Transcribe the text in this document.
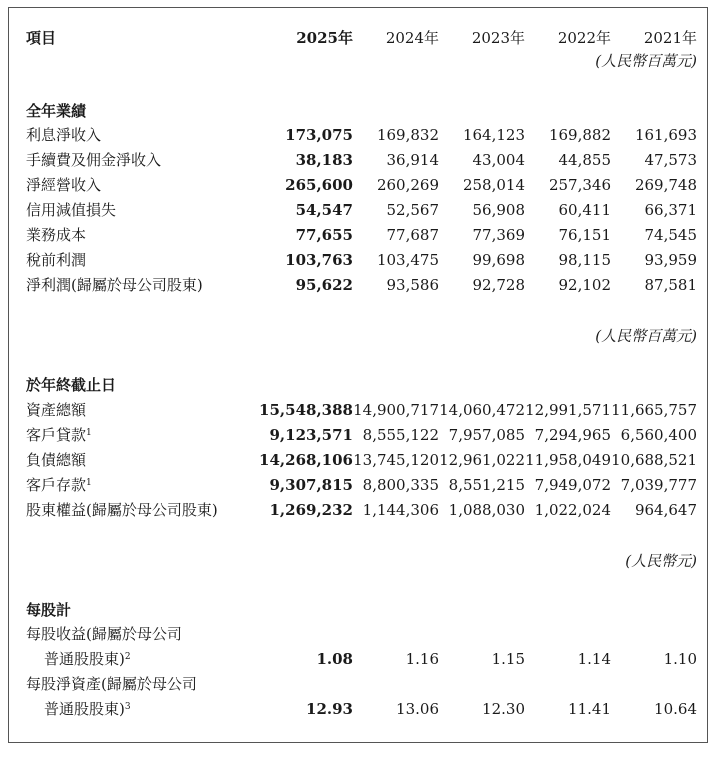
項目	2025年 2024年 2023年 2022年 2021年
(人民幣百萬元)
全年業績
(人民幣百萬元)
於年終截止日
(人民幣元)
每股計
利息淨收入	173,075 169,832 164,123 169,882 161,693
手續費及佣金淨收入	38,183 36,914 43,004 44,855 47,573
淨經營收入	265,600 260,269 258,014 257,346 269,748
信用減值損失	54,547 52,567 56,908 60,411 66,371
業務成本	77,655 77,687 77,369 76,151 74,545
稅前利潤	103,763 103,475 99,698 98,115 93,959
淨利潤(歸屬於母公司股東)	95,622 93,586 92,728 92,102 87,581
資產總額	15,548,388 14,900,717 14,060,472 12,991,571 11,665,757
客戶貸款$^1$	9,123,571 8,555,122 7,957,085 7,294,965 6,560,400
負債總額	14,268,106 13,745,120 12,961,022 11,958,049 10,688,521
客戶存款$^1$	9,307,815 8,800,335 8,551,215 7,949,072 7,039,777
股東權益(歸屬於母公司股東)	1,269,232 1,144,306 1,088,030 1,022,024 964,647
每股收益(歸屬於母公司
普通股股東)$^2$	1.08	1.16	1.15	1.14	1.10
每股淨資產(歸屬於母公司
普通股股東)$^3$	12.93	13.06	12.30	11.41	10.64
